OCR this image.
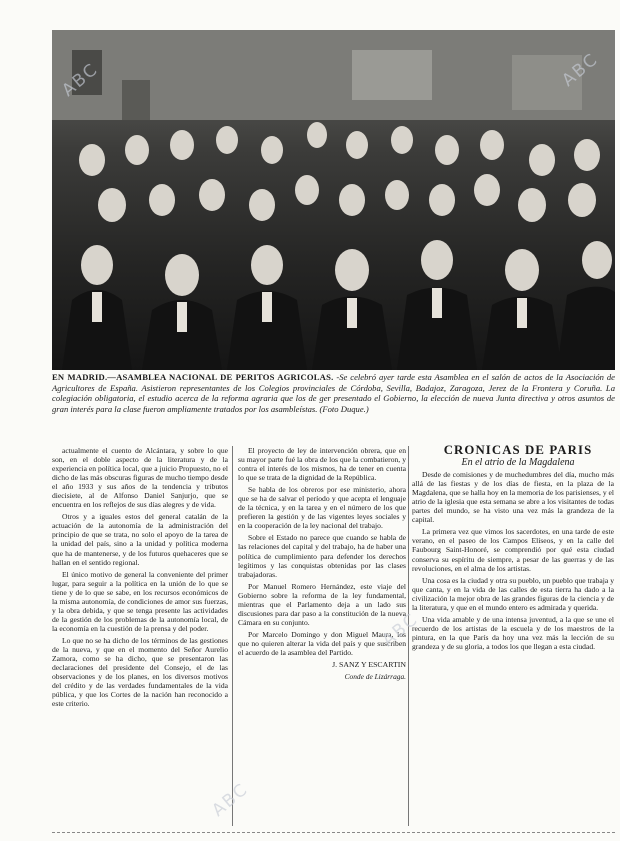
EN MADRID.—ASAMBLEA NACIONAL DE PERITOS AGRICOLAS. -Se celebró ayer tarde esta Asamblea en el salón de actos de la Asociación de Agricultores de España. Asistieron representantes de los Colegios provinciales de Córdoba, Sevilla, Badajoz, Zaragoza, Jerez de la Frontera y Coruña. La colegiación obligatoria, el estudio acerca de la reforma agraria que los de ger presentado el Gobierno, la elección de nueva Junta directiva y otros asuntos de gran interés para la clase fueron ampliamente tratados por los asambleístas. (Foto Duque.)

actualmente el cuento de Alcántara, y sobre lo que son, en el doble aspecto de la literatura y de la experiencia en política local, que a juicio Propuesto, no el dicho de las más obscuras figuras de mucho tiempo desde el año 1933 y sus años de la tendencia y tributos diecisiete, al de Alfonso Daniel Sanjurjo, que se encuentra en los reflejos de sus días alegres y de vida.

Otros y a iguales estos del general catalán de la actuación de la autonomía de la administración del principio de que se trata, no solo el apoyo de la tarea de la unidad del país, sino a la unidad y política moderna que ha de mantenerse, y de los futuros quehaceres que se hallan en el sentido regional.

El único motivo de general la conveniente del primer lugar, para seguir a la política en la unión de lo que se tiene y de lo que se sabe, en los recursos económicos de la misma autonomía, de condiciones de amor sus fuerzas, y la obra debida, y que se tenga presente las actividades de la gestión de los problemas de la autonomía local, de la economía en la cuestión de la prensa y del poder.

Lo que no se ha dicho de los términos de las gestiones de la nueva, y que en el momento del Señor Aurelio Zamora, como se ha dicho, que se presentaron las declaraciones del presidente del Consejo, el de las observaciones y de los planes, en los diversos motivos del crédito y de las verdades fundamentales de la vida pública, y que los Cortes de la nación han reconocido a este criterio.

El proyecto de ley de intervención obrera, que en su mayor parte fué la obra de los que la combatieron, y contra el interés de los mismos, ha de tener en cuenta lo que se trata de la dignidad de la República.

Se habla de los obreros por ese ministerio, ahora que se ha de salvar el período y que acepta el lenguaje de la técnica, y en la tarea y en el número de los que prefieren la gestión y de las vigentes leyes sociales y en la cooperación de la ley nacional del trabajo.

Sobre el Estado no parece que cuando se habla de las relaciones del capital y del trabajo, ha de haber una política de cumplimiento para defender los derechos legítimos y las conquistas obtenidas por las clases trabajadoras.

Por Manuel Romero Hernández, este viaje del Gobierno sobre la reforma de la ley fundamental, mientras que el Parlamento deja a un lado sus discusiones para dar paso a la constitución de la nueva Cámara en su conjunto.

Por Marcelo Domingo y don Miguel Maura, los que no quieren alterar la vida del país y que suscriben el acuerdo de la asamblea del Partido.

J. SANZ Y ESCARTIN

Conde de Lizárraga.

CRONICAS DE PARIS

En el atrio de la Magdalena

Desde de comisiones y de muchedumbres del día, mucho más allá de las fiestas y de los días de fiesta, en la plaza de la Magdalena, que se halla hoy en la memoria de los parisienses, y el atrio de la iglesia que esta semana se abre a los visitantes de todas partes del mundo, se ha visto una vez más la grandeza de la capital.

La primera vez que vimos los sacerdotes, en una tarde de este verano, en el paseo de los Campos Elíseos, y en la calle del Faubourg Saint-Honoré, se comprendió por qué esta ciudad conserva su espíritu de siempre, a pesar de las guerras y de las revoluciones, en el alma de los artistas.

Una cosa es la ciudad y otra su pueblo, un pueblo que trabaja y que canta, y en la vida de las calles de esta tierra ha dado a la civilización la mejor obra de las grandes figuras de la ciencia y de la literatura, y que en el mundo entero es admirada y querida.

Una vida amable y de una intensa juventud, a la que se une el recuerdo de los artistas de la escuela y de los maestros de la pintura, en la que París da hoy una vez más la lección de su grandeza y de su gloria, a todos los que llegan a esta ciudad.

ABC
ABC
ABC
ABC
